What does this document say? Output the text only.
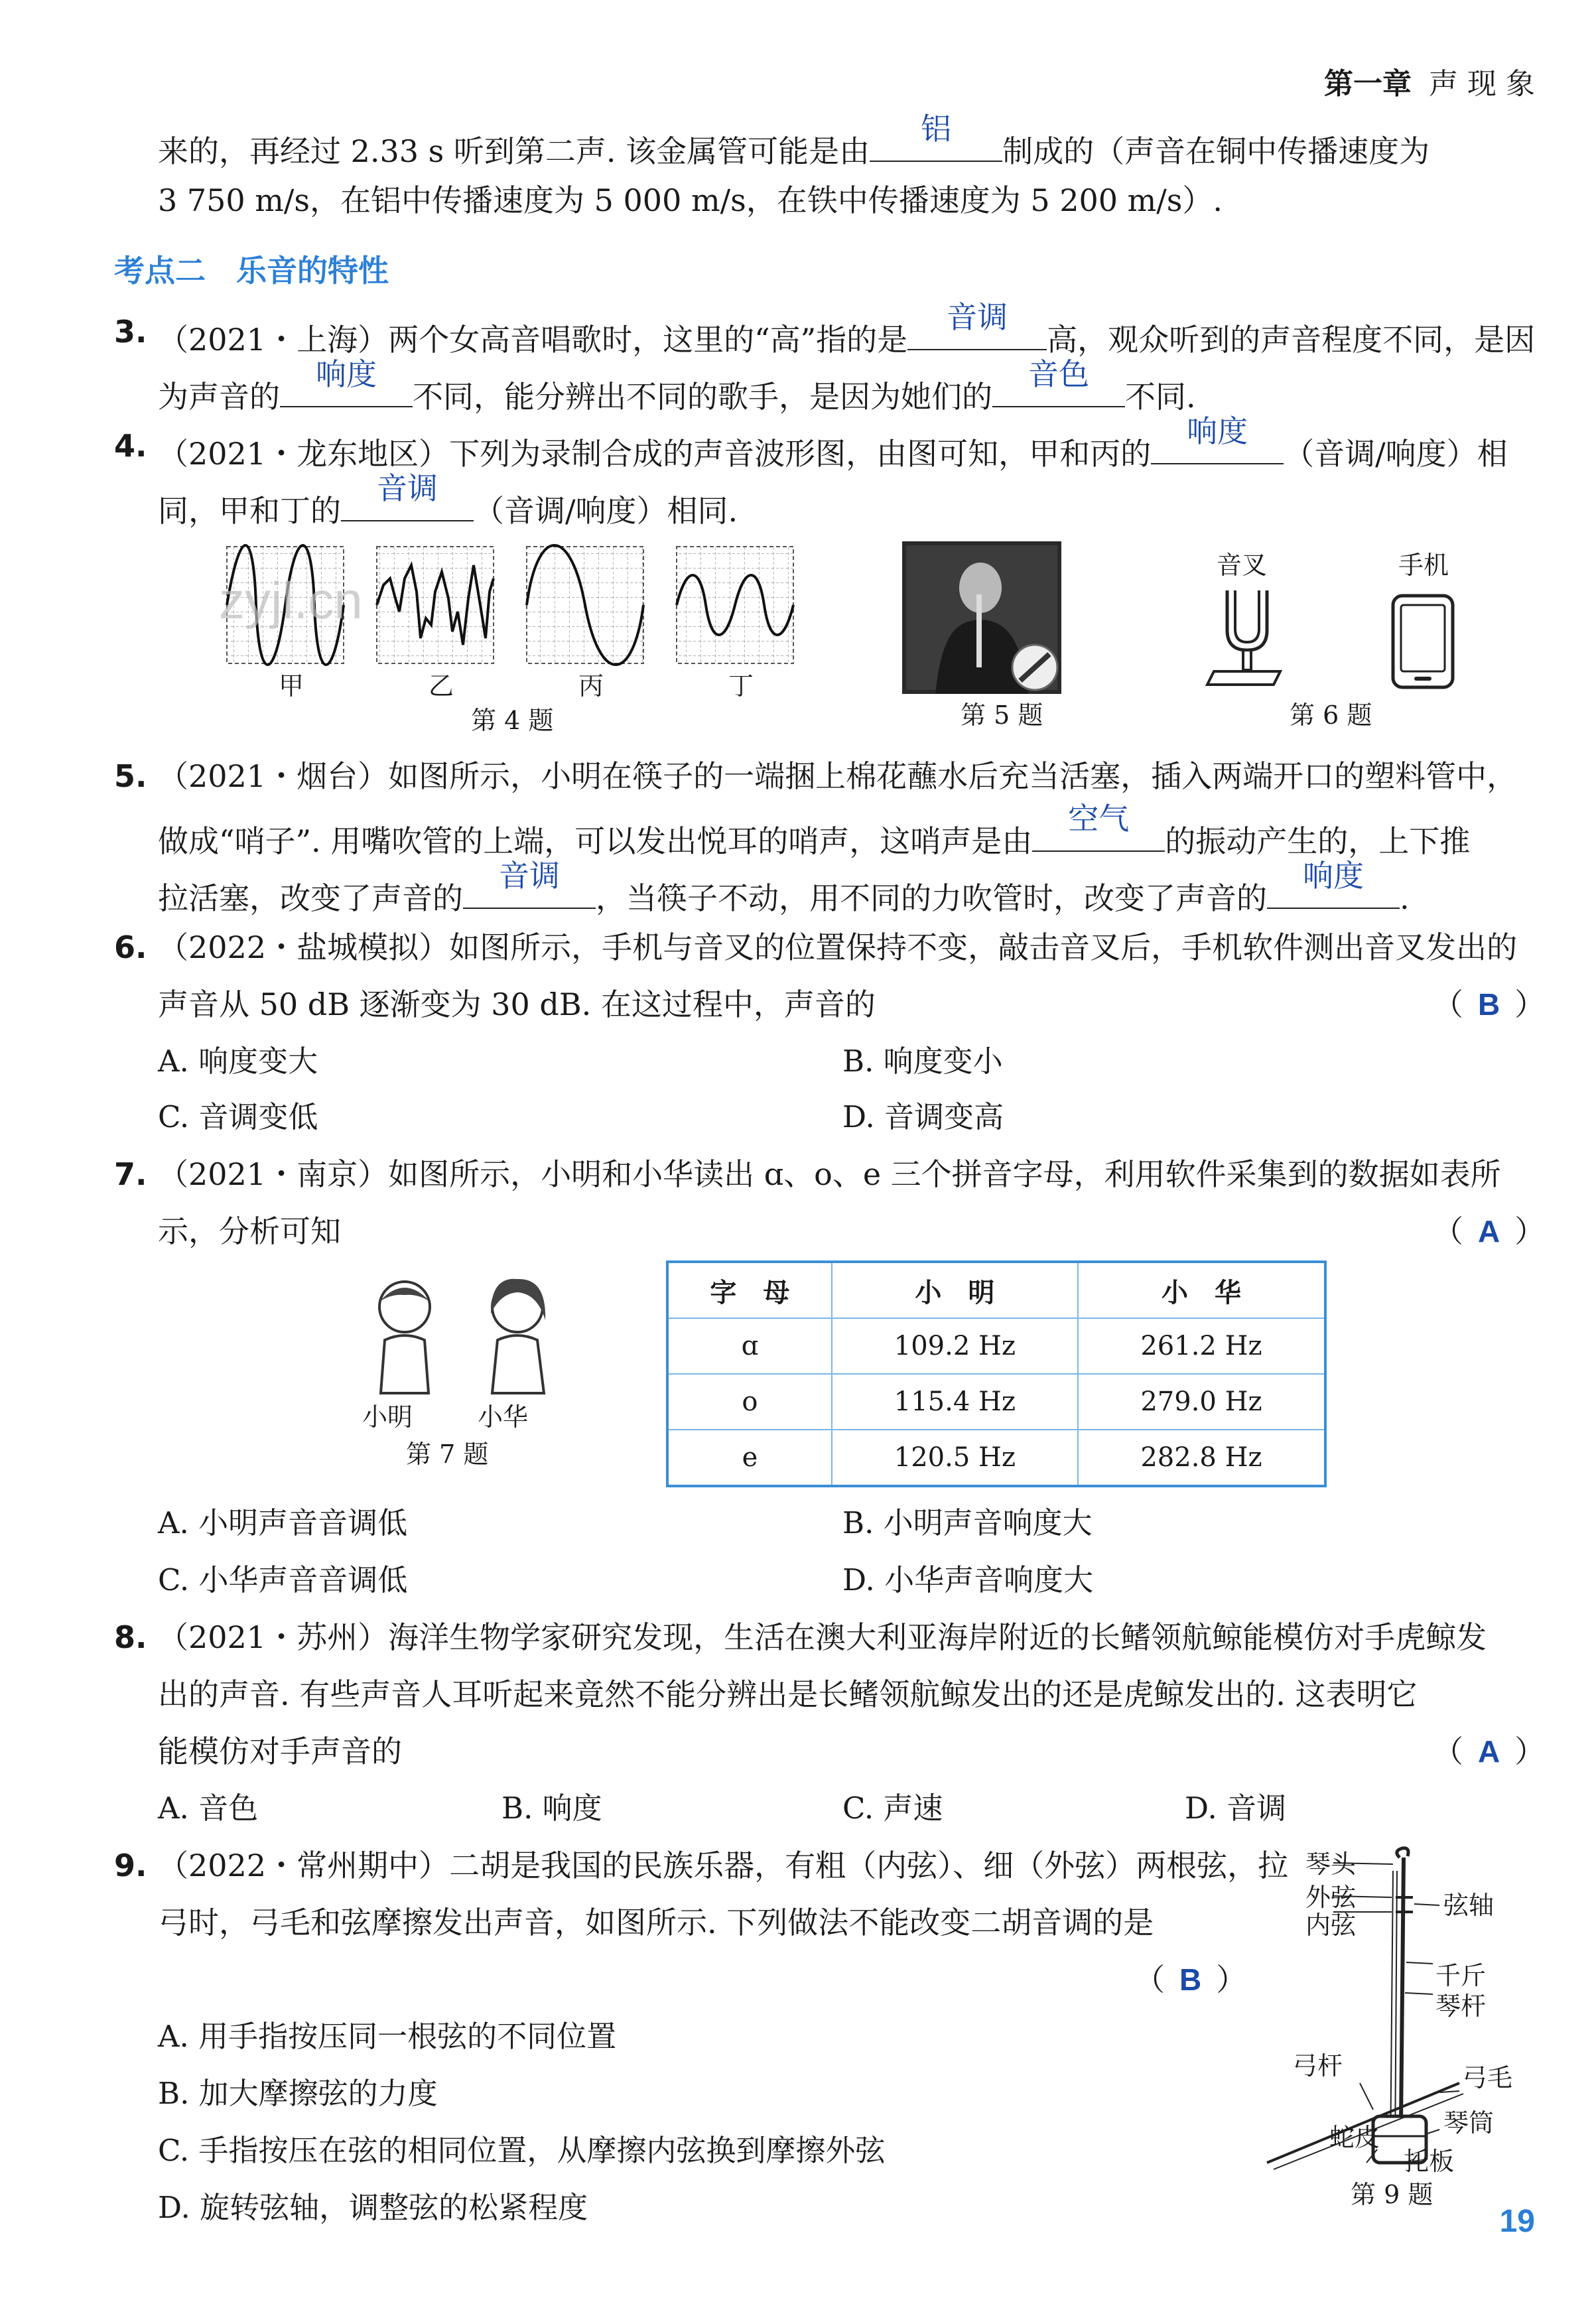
第一章 声 现 象
来的，再经过 2.33 s 听到第二声. 该金属管可能是由
铝
制成的（声音在铜中传播速度为
3 750 m/s，在铝中传播速度为 5 000 m/s，在铁中传播速度为 5 200 m/s）.
考点二　乐音的特性
3. （2021・上海）两个女高音唱歌时，这里的“高”指的是
音调
高，观众听到的声音程度不同，是因
为声音的
响度
不同，能分辨出不同的歌手，是因为她们的
音色
不同.
4. （2021・龙东地区）下列为录制合成的声音波形图，由图可知，甲和丙的
响度
（音调/响度）相
同，甲和丁的
音调
（音调/响度）相同.
甲	乙	丙	丁
第 4 题
zyjl.cn
第 5 题
音叉	手机
第 6 题
5. （2021・烟台）如图所示，小明在筷子的一端捆上棉花蘸水后充当活塞，插入两端开口的塑料管中，
做成“哨子”. 用嘴吹管的上端，可以发出悦耳的哨声，这哨声是由
空气
的振动产生的，上下推
拉活塞，改变了声音的
音调
，当筷子不动，用不同的力吹管时，改变了声音的
响度
.
6. （2022・盐城模拟）如图所示，手机与音叉的位置保持不变，敲击音叉后，手机软件测出音叉发出的
声音从 50 dB 逐渐变为 30 dB. 在这过程中，声音的	（ B ）
A. 响度变大	B. 响度变小
C. 音调变低	D. 音调变高
7. （2021・南京）如图所示，小明和小华读出 ɑ、o、e 三个拼音字母，利用软件采集到的数据如表所
示，分析可知	（ A ）
小明	小华
第 7 题
字　母	小　明	小　华
ɑ	109.2 Hz	261.2 Hz
o	115.4 Hz	279.0 Hz
e	120.5 Hz	282.8 Hz
A. 小明声音音调低	B. 小明声音响度大
C. 小华声音音调低	D. 小华声音响度大
8. （2021・苏州）海洋生物学家研究发现，生活在澳大利亚海岸附近的长鳍领航鲸能模仿对手虎鲸发
出的声音. 有些声音人耳听起来竟然不能分辨出是长鳍领航鲸发出的还是虎鲸发出的. 这表明它
能模仿对手声音的	（ A ）
A. 音色	B. 响度	C. 声速	D. 音调
9. （2022・常州期中）二胡是我国的民族乐器，有粗（内弦）、细（外弦）两根弦，拉
弓时，弓毛和弦摩擦发出声音，如图所示. 下列做法不能改变二胡音调的是
（ B ）
A. 用手指按压同一根弦的不同位置
B. 加大摩擦弦的力度
C. 手指按压在弦的相同位置，从摩擦内弦换到摩擦外弦
D. 旋转弦轴，调整弦的松紧程度
琴头
外弦
内弦
弦轴
千斤
琴杆
弓杆	弓毛
蛇皮	琴筒
托板
第 9 题
19
